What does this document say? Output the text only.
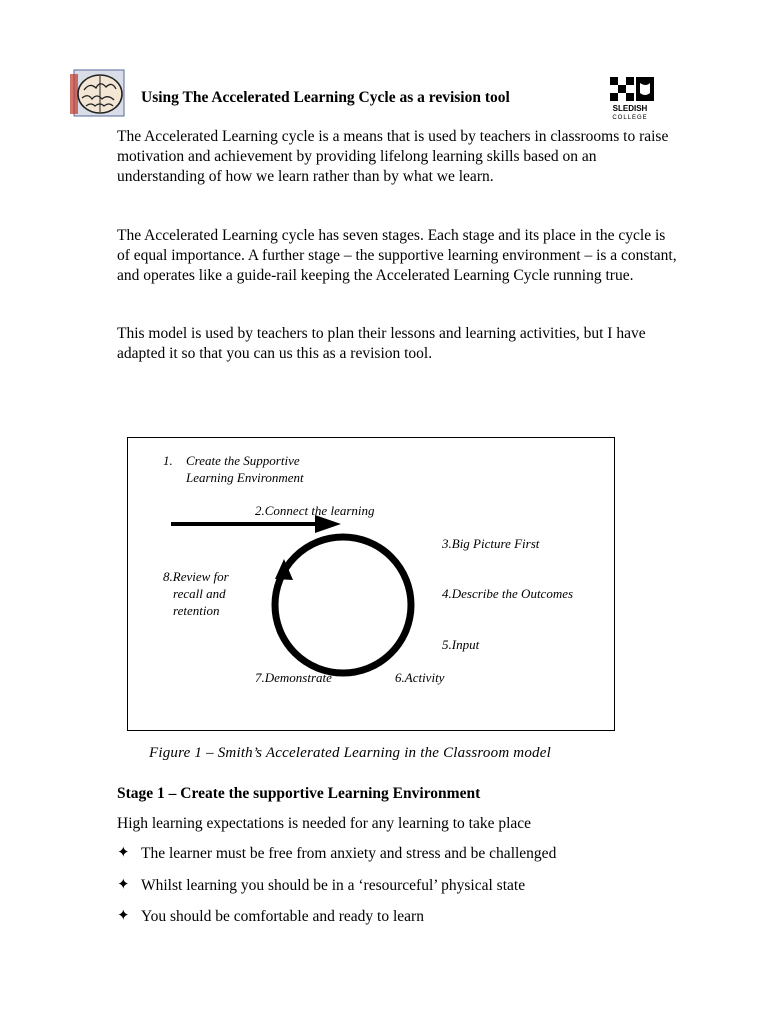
SLEDISH
COLLEGE
Using The Accelerated Learning Cycle as a revision tool
The Accelerated Learning cycle is a means that is used by teachers in classrooms to raise motivation and achievement by providing lifelong learning skills based on an understanding of how we learn rather than by what we learn.
The Accelerated Learning cycle has seven stages. Each stage and its place in the cycle is of equal importance. A further stage – the supportive learning environment – is a constant, and operates like a guide-rail keeping the Accelerated Learning Cycle running true.
This model is used by teachers to plan their lessons and learning activities, but I have adapted it so that you can us this as a revision tool.
1. Create the Supportive
Learning Environment
2.Connect the learning
3.Big Picture First
4.Describe the Outcomes
5.Input
6.Activity
7.Demonstrate
8.Review for
recall and
retention
Figure 1 – Smith’s Accelerated Learning in the Classroom model
Stage 1 – Create the supportive Learning Environment
High learning expectations is needed for any learning to take place
✦ The learner must be free from anxiety and stress and be challenged
✦ Whilst learning you should be in a ‘resourceful’ physical state
✦ You should be comfortable and ready to learn
